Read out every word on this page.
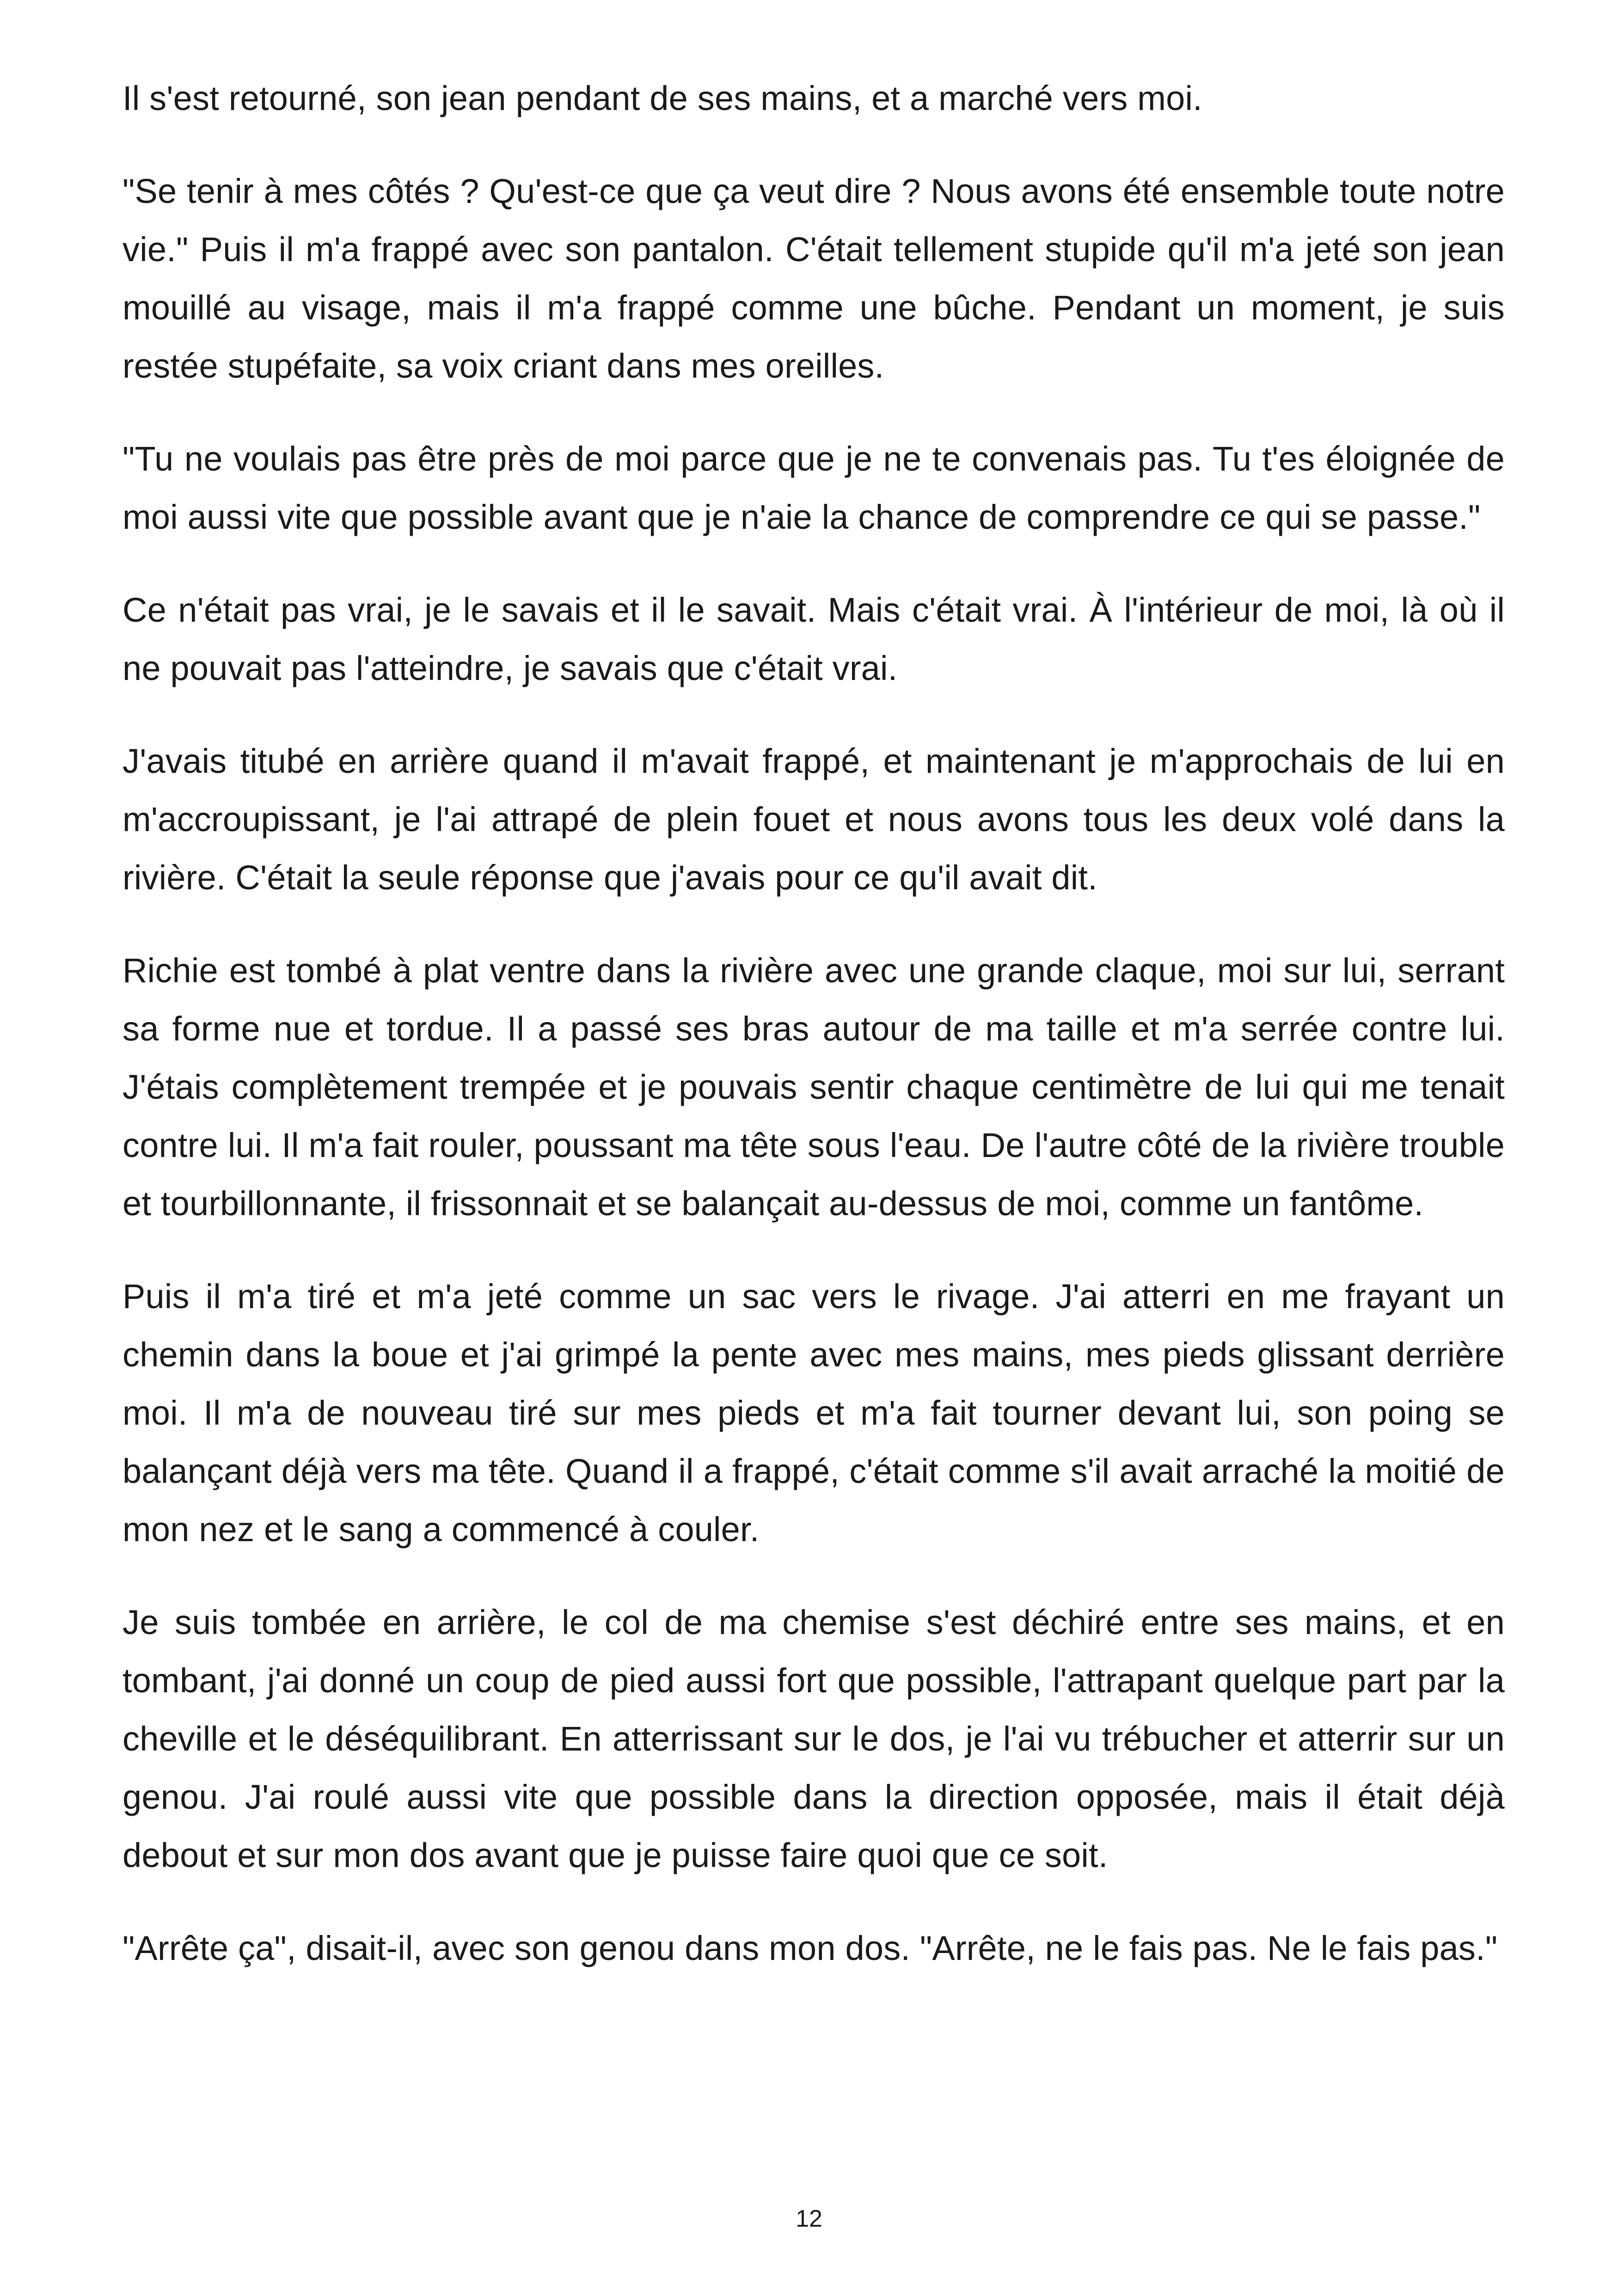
Il s'est retourné, son jean pendant de ses mains, et a marché vers moi.

"Se tenir à mes côtés ? Qu'est-ce que ça veut dire ? Nous avons été ensemble toute notre vie." Puis il m'a frappé avec son pantalon. C'était tellement stupide qu'il m'a jeté son jean mouillé au visage, mais il m'a frappé comme une bûche. Pendant un moment, je suis restée stupéfaite, sa voix criant dans mes oreilles.

"Tu ne voulais pas être près de moi parce que je ne te convenais pas. Tu t'es éloignée de moi aussi vite que possible avant que je n'aie la chance de comprendre ce qui se passe."

Ce n'était pas vrai, je le savais et il le savait. Mais c'était vrai. À l'intérieur de moi, là où il ne pouvait pas l'atteindre, je savais que c'était vrai.

J'avais titubé en arrière quand il m'avait frappé, et maintenant je m'approchais de lui en m'accroupissant, je l'ai attrapé de plein fouet et nous avons tous les deux volé dans la rivière. C'était la seule réponse que j'avais pour ce qu'il avait dit.

Richie est tombé à plat ventre dans la rivière avec une grande claque, moi sur lui, serrant sa forme nue et tordue. Il a passé ses bras autour de ma taille et m'a serrée contre lui. J'étais complètement trempée et je pouvais sentir chaque centimètre de lui qui me tenait contre lui. Il m'a fait rouler, poussant ma tête sous l'eau. De l'autre côté de la rivière trouble et tourbillonnante, il frissonnait et se balançait au-dessus de moi, comme un fantôme.

Puis il m'a tiré et m'a jeté comme un sac vers le rivage. J'ai atterri en me frayant un chemin dans la boue et j'ai grimpé la pente avec mes mains, mes pieds glissant derrière moi. Il m'a de nouveau tiré sur mes pieds et m'a fait tourner devant lui, son poing se balançant déjà vers ma tête. Quand il a frappé, c'était comme s'il avait arraché la moitié de mon nez et le sang a commencé à couler.

Je suis tombée en arrière, le col de ma chemise s'est déchiré entre ses mains, et en tombant, j'ai donné un coup de pied aussi fort que possible, l'attrapant quelque part par la cheville et le déséquilibrant. En atterrissant sur le dos, je l'ai vu trébucher et atterrir sur un genou. J'ai roulé aussi vite que possible dans la direction opposée, mais il était déjà debout et sur mon dos avant que je puisse faire quoi que ce soit.

"Arrête ça", disait-il, avec son genou dans mon dos. "Arrête, ne le fais pas. Ne le fais pas."

12
